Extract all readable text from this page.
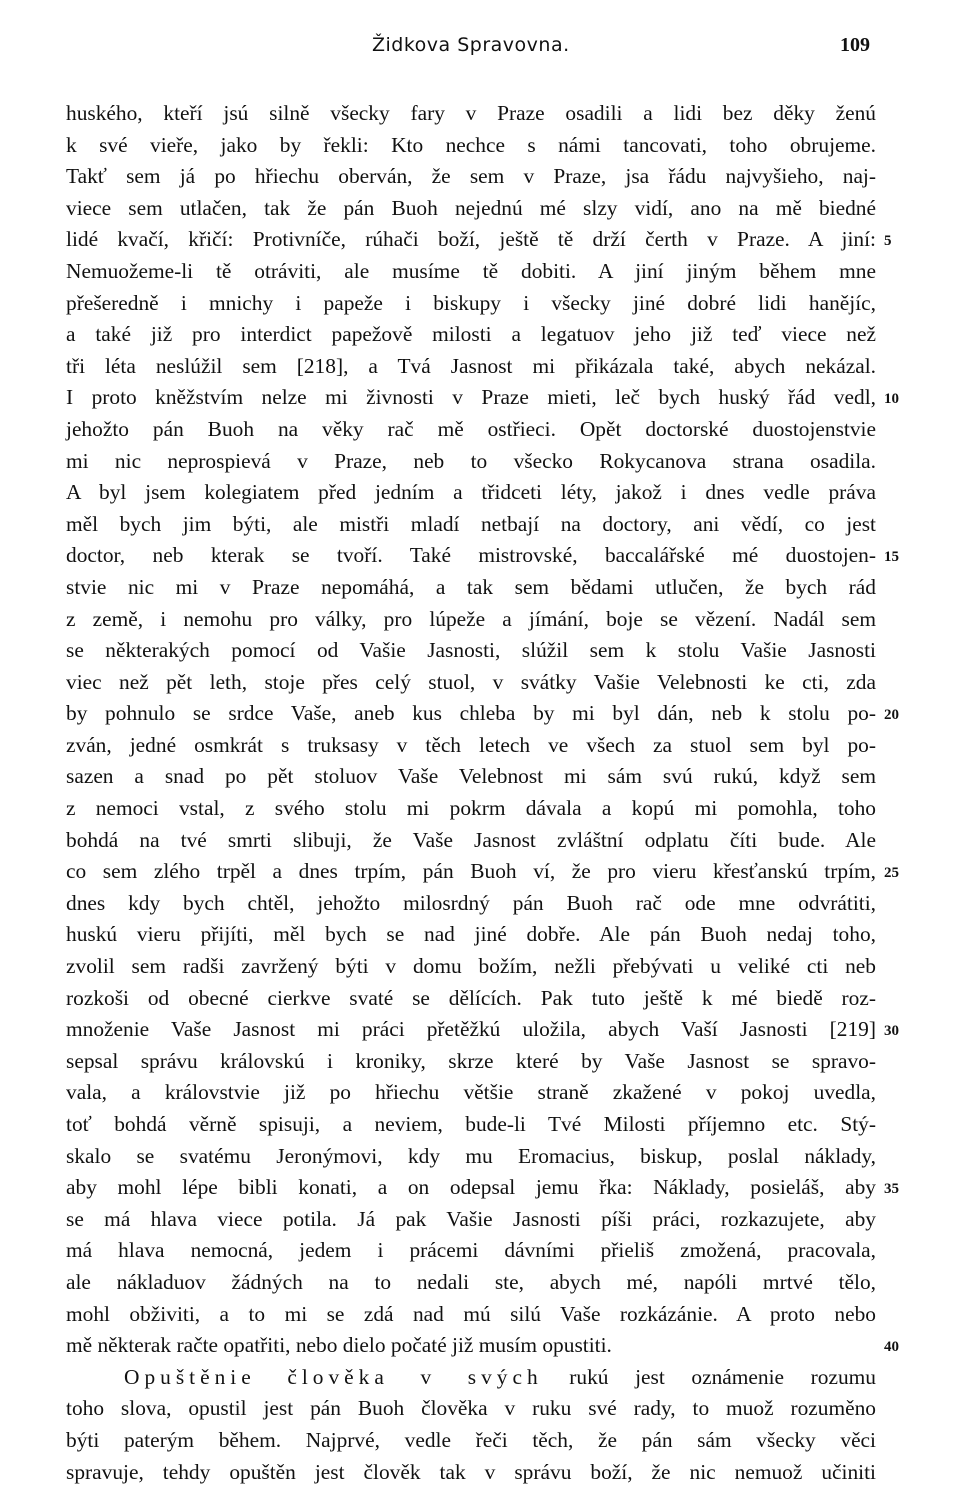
Židkova Spravovna.	109
huského, kteří jsú silně všecky fary v Praze osadili a lidi bez děky ženú
k své vieře, jako by řekli: Kto nechce s námi tancovati, toho obrujeme.
Takť sem já po hřiechu oberván, že sem v Praze, jsa řádu najvyšieho, naj-
viece sem utlačen, tak že pán Buoh nejednú mé slzy vidí, ano na mě biedné
lidé kvačí, křičí: Protivníče, rúhači boží, ještě tě drží čerth v Praze. A jiní:
Nemuožeme-li tě otráviti, ale musíme tě dobiti. A jiní jiným během mne
přešeredně i mnichy i papeže i biskupy i všecky jiné dobré lidi hanějíc,
a také již pro interdict papežově milosti a legatuov jeho již teď viece než
tři léta neslúžil sem [218], a Tvá Jasnost mi přikázala také, abych nekázal.
I proto kněžstvím nelze mi živnosti v Praze mieti, leč bych huský řád vedl,
jehožto pán Buoh na věky rač mě ostřieci. Opět doctorské duostojenstvie
mi nic neprospievá v Praze, neb to všecko Rokycanova strana osadila.
A byl jsem kolegiatem před jedním a třidceti léty, jakož i dnes vedle práva
měl bych jim býti, ale mistři mladí netbají na doctory, ani vědí, co jest
doctor, neb kterak se tvoří. Také mistrovské, baccalářské mé duostojen-
stvie nic mi v Praze nepomáhá, a tak sem bědami utlučen, že bych rád
z země, i nemohu pro války, pro lúpeže a jímání, boje se vězení. Nadál sem
se některakých pomocí od Vašie Jasnosti, slúžil sem k stolu Vašie Jasnosti
viec než pět leth, stoje přes celý stuol, v svátky Vašie Velebnosti ke cti, zda
by pohnulo se srdce Vaše, aneb kus chleba by mi byl dán, neb k stolu po-
zván, jedné osmkrát s truksasy v těch letech ve všech za stuol sem byl po-
sazen a snad po pět stoluov Vaše Velebnost mi sám svú rukú, když sem
z nemoci vstal, z svého stolu mi pokrm dávala a kopú mi pomohla, toho
bohdá na tvé smrti slibuji, že Vaše Jasnost zvláštní odplatu číti bude. Ale
co sem zlého trpěl a dnes trpím, pán Buoh ví, že pro vieru křesťanskú trpím,
dnes kdy bych chtěl, jehožto milosrdný pán Buoh rač ode mne odvrátiti,
huskú vieru přijíti, měl bych se nad jiné dobře. Ale pán Buoh nedaj toho,
zvolil sem radši zavržený býti v domu božím, nežli přebývati u veliké cti neb
rozkoši od obecné cierkve svaté se dělících. Pak tuto ještě k mé biedě roz-
množenie Vaše Jasnost mi práci přetěžkú uložila, abych Vaší Jasnosti [219]
sepsal správu královskú i kroniky, skrze které by Vaše Jasnost se spravo-
vala, a královstvie již po hřiechu většie straně zkažené v pokoj uvedla,
toť bohdá věrně spisuji, a neviem, bude-li Tvé Milosti příjemno etc. Stý-
skalo se svatému Jeronýmovi, kdy mu Eromacius, biskup, poslal náklady,
aby mohl lépe bibli konati, a on odepsal jemu řka: Náklady, posieláš, aby
se má hlava viece potila. Já pak Vašie Jasnosti píši práci, rozkazujete, aby
má hlava nemocná, jedem i prácemi dávními přieliš zmožená, pracovala,
ale nákladuov žádných na to nedali ste, abych mé, napóli mrtvé tělo,
mohl obživiti, a to mi se zdá nad mú silú Vaše rozkázánie. A proto nebo
mě některak račte opatřiti, nebo dielo počaté již musím opustiti.
Opuštěnie člověka v svých rukú jest oznámenie rozumu
toho slova, opustil jest pán Buoh člověka v ruku své rady, to muož rozuměno
býti paterým během. Najprvé, vedle řeči těch, že pán sám všecky věci
spravuje, tehdy opuštěn jest člověk tak v správu boží, že nic nemuož učiniti
5
10
15
20
25
30
35
40
